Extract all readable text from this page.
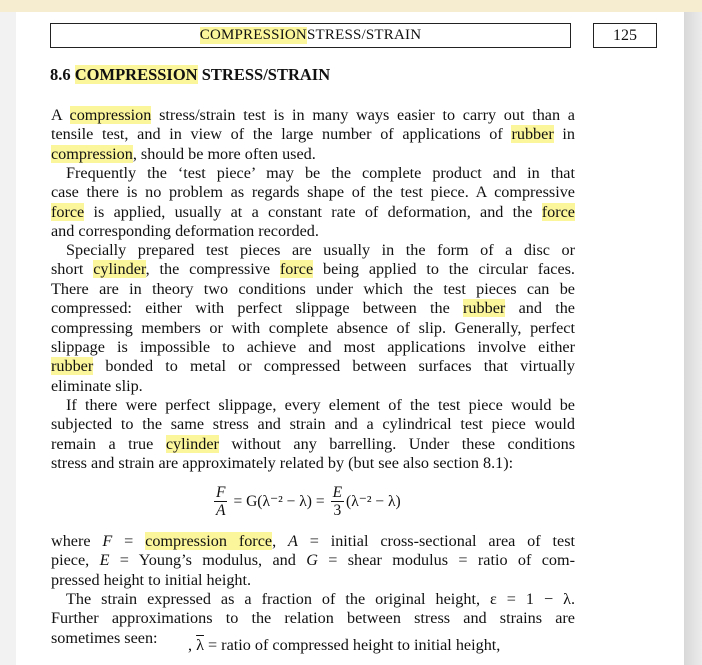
COMPRESSION STRESS/STRAIN	125
8.6 COMPRESSION STRESS/STRAIN
A compression stress/strain test is in many ways easier to carry out than a
tensile test, and in view of the large number of applications of rubber in
compression, should be more often used.
Frequently the ‘test piece’ may be the complete product and in that
case there is no problem as regards shape of the test piece. A compressive
force is applied, usually at a constant rate of deformation, and the force
and corresponding deformation recorded.
Specially prepared test pieces are usually in the form of a disc or
short cylinder, the compressive force being applied to the circular faces.
There are in theory two conditions under which the test pieces can be
compressed: either with perfect slippage between the rubber and the
compressing members or with complete absence of slip. Generally, perfect
slippage is impossible to achieve and most applications involve either
rubber bonded to metal or compressed between surfaces that virtually
eliminate slip.
If there were perfect slippage, every element of the test piece would be
subjected to the same stress and strain and a cylindrical test piece would
remain a true cylinder without any barrelling. Under these conditions
stress and strain are approximately related by (but see also section 8.1):
$\frac{F}{A} = G(\lambda^{-2} - \lambda) = \frac{E}{3} (\lambda^{-2} - \lambda)$
where F = compression force, A = initial cross-sectional area of test
piece, E = Young’s modulus, and G = shear modulus = ratio of com-
pressed height to initial height.
The strain expressed as a fraction of the original height, ε = 1 − λ.
Further approximations to the relation between stress and strains are
sometimes seen:	, $\overline{\lambda}$ = ratio of compressed height to initial height,
